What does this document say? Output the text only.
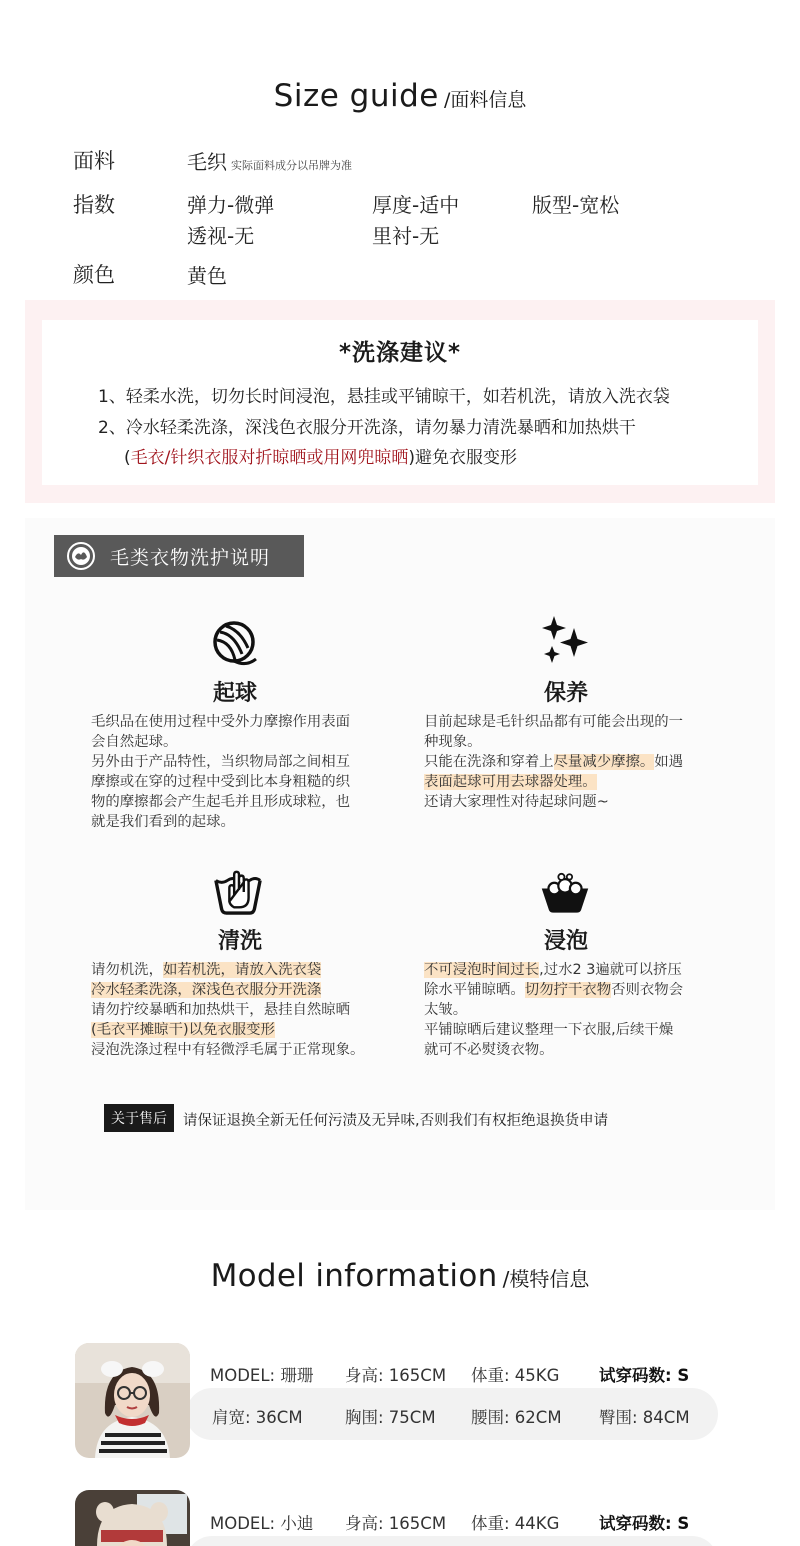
Size guide /面料信息
面料	毛织 实际面料成分以吊牌为准
指数	弹力-微弹	厚度-适中	版型-宽松
透视-无	里衬-无
颜色	黄色
*洗涤建议*
1、轻柔水洗，切勿长时间浸泡，悬挂或平铺晾干，如若机洗，请放入洗衣袋
2、冷水轻柔洗涤，深浅色衣服分开洗涤，请勿暴力清洗暴晒和加热烘干
(毛衣/针织衣服对折晾晒或用网兜晾晒)避免衣服变形
毛类衣物洗护说明
起球
毛织品在使用过程中受外力摩擦作用表面
会自然起球。
另外由于产品特性，当织物局部之间相互
摩擦或在穿的过程中受到比本身粗糙的织
物的摩擦都会产生起毛并且形成球粒，也
就是我们看到的起球。
保养
目前起球是毛针织品都有可能会出现的一
种现象。
只能在洗涤和穿着上尽量减少摩擦。如遇
表面起球可用去球器处理。
还请大家理性对待起球问题~
清洗
请勿机洗，如若机洗，请放入洗衣袋
冷水轻柔洗涤，深浅色衣服分开洗涤
请勿拧绞暴晒和加热烘干，悬挂自然晾晒
(毛衣平摊晾干)以免衣服变形
浸泡洗涤过程中有轻微浮毛属于正常现象。
浸泡
不可浸泡时间过长,过水2 3遍就可以挤压
除水平铺晾晒。切勿拧干衣物否则衣物会
太皱。
平铺晾晒后建议整理一下衣服,后续干燥
就可不必熨烫衣物。
关于售后	请保证退换全新无任何污渍及无异味,否则我们有权拒绝退换货申请
Model information /模特信息
MODEL: 珊珊	身高: 165CM	体重: 45KG	试穿码数: S
肩宽: 36CM	胸围: 75CM	腰围: 62CM	臀围: 84CM
MODEL: 小迪	身高: 165CM	体重: 44KG	试穿码数: S
